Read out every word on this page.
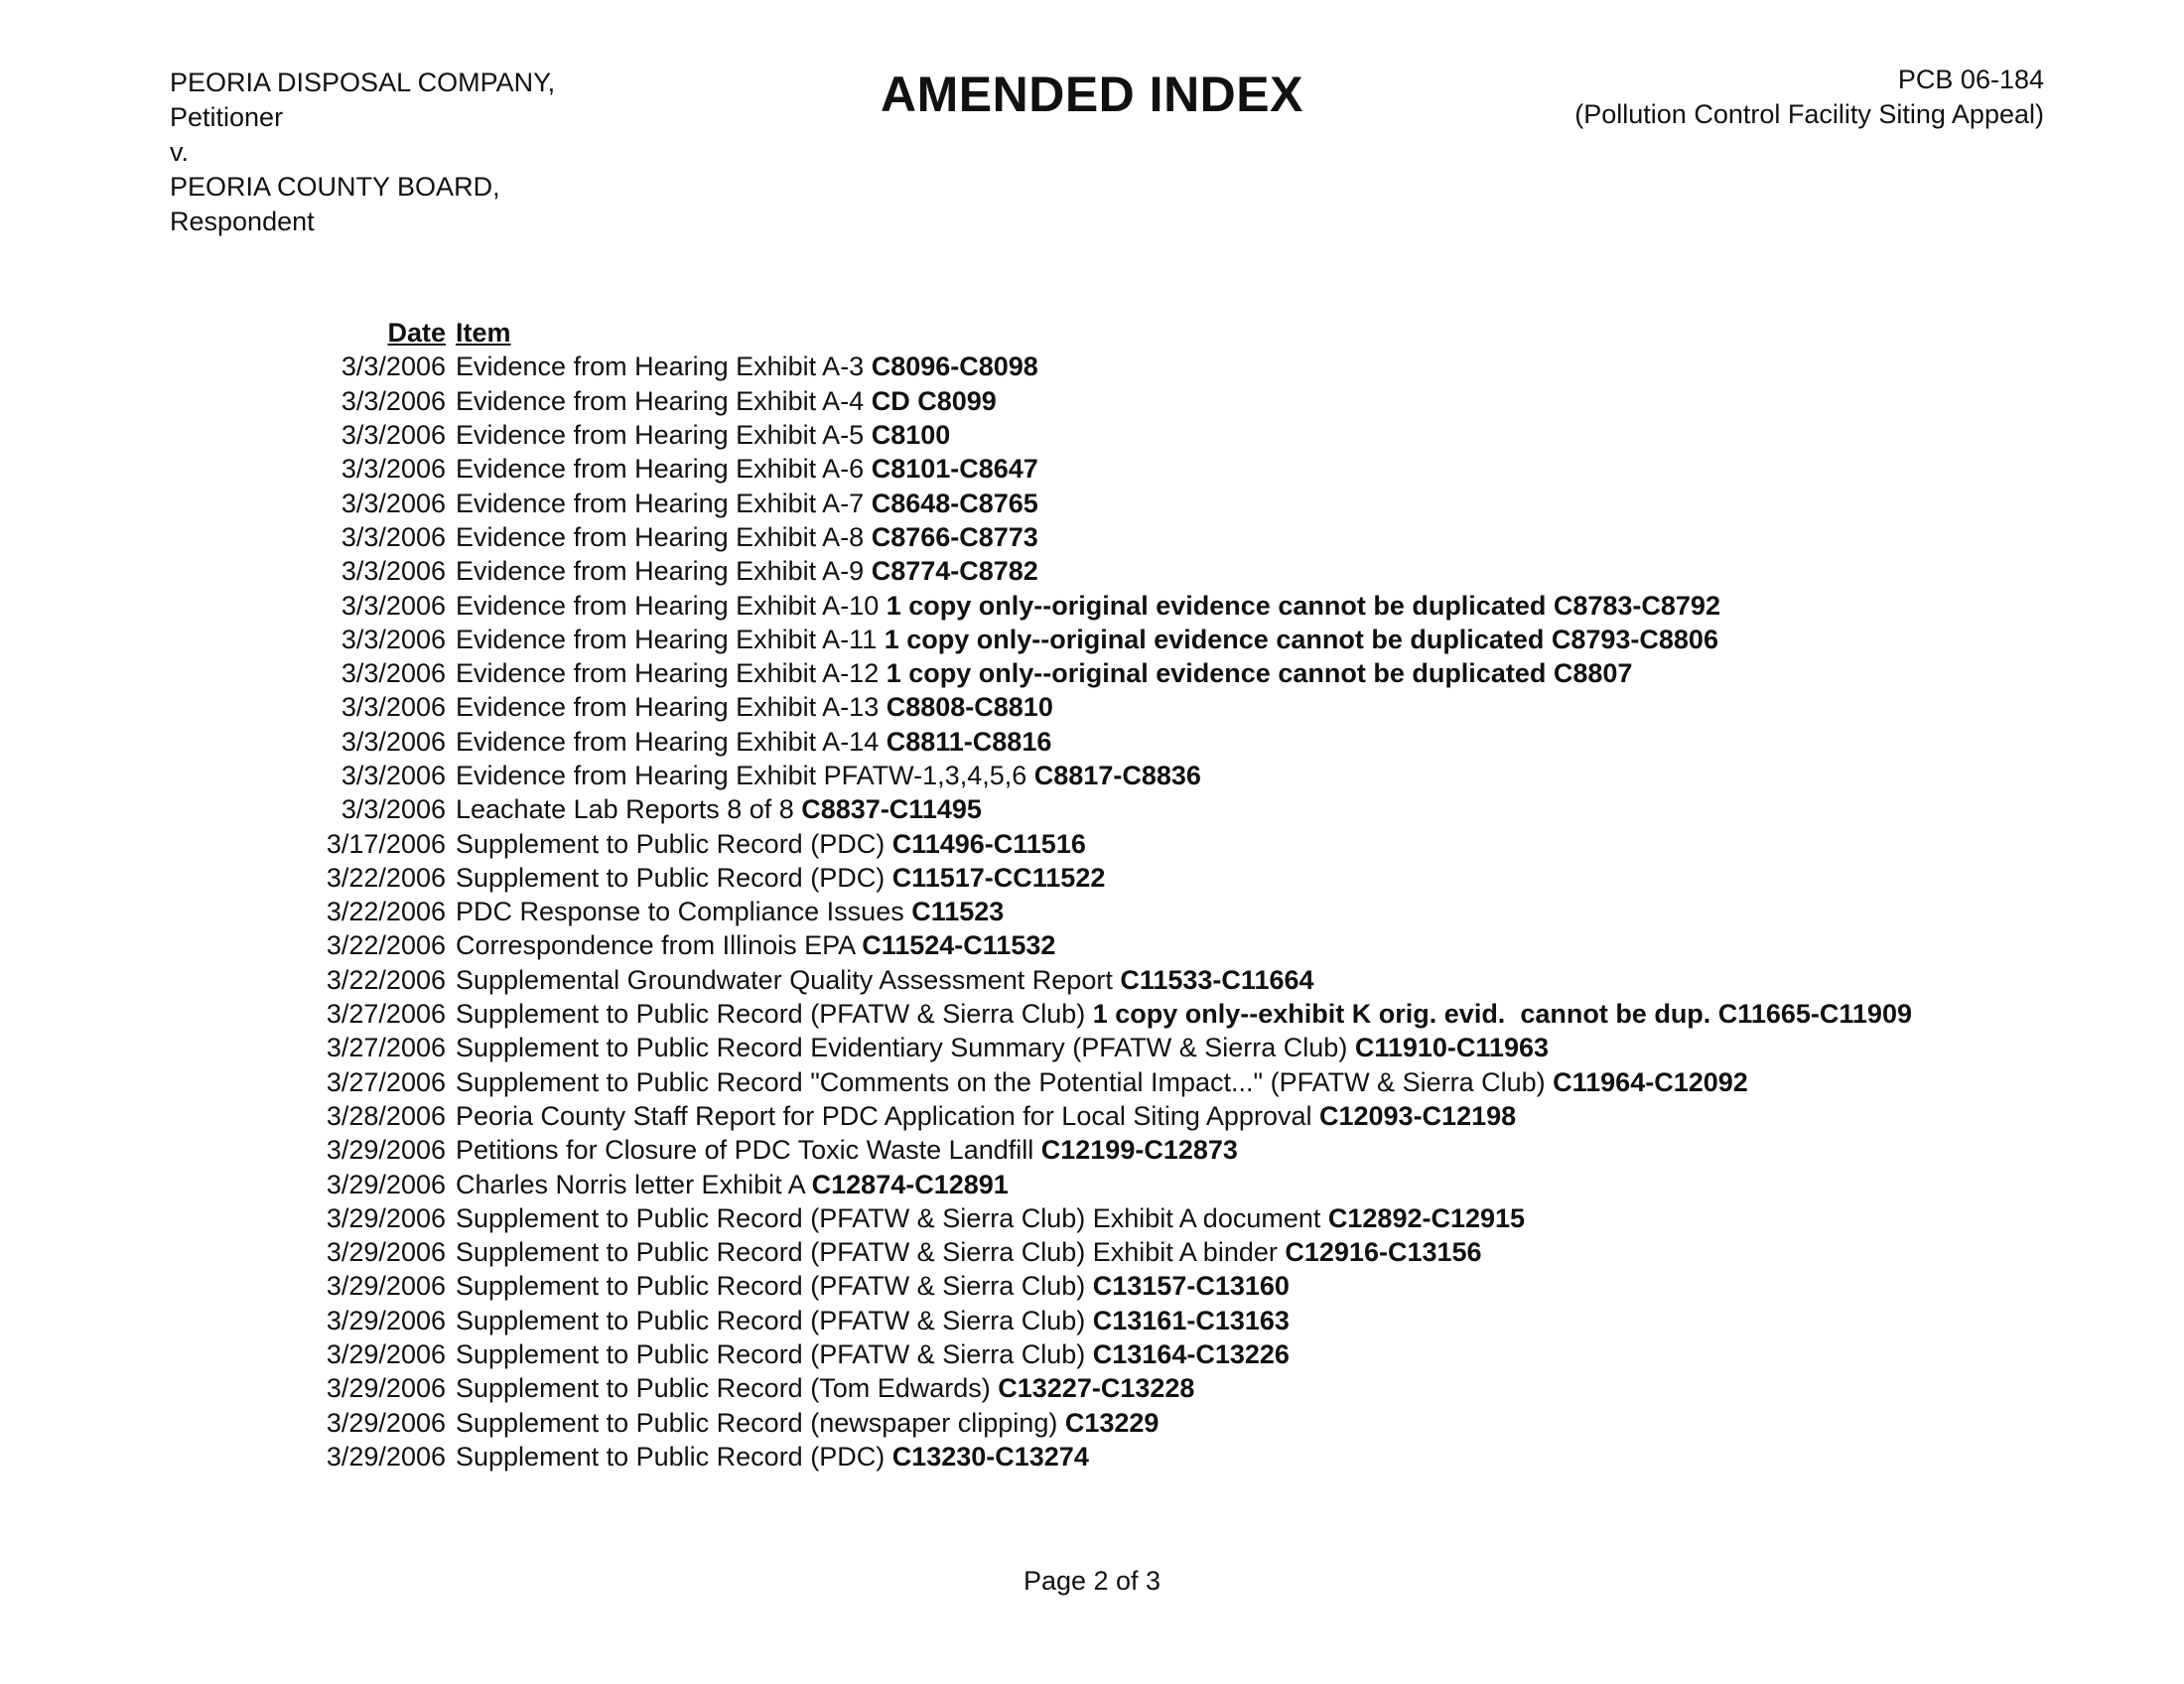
PEORIA DISPOSAL COMPANY,
Petitioner
v.
PEORIA COUNTY BOARD,
Respondent
AMENDED INDEX	PCB 06-184
(Pollution Control Facility Siting Appeal)
Date	Item
3/3/2006	Evidence from Hearing Exhibit A-3 C8096-C8098
3/3/2006	Evidence from Hearing Exhibit A-4 CD C8099
3/3/2006	Evidence from Hearing Exhibit A-5 C8100
3/3/2006	Evidence from Hearing Exhibit A-6 C8101-C8647
3/3/2006	Evidence from Hearing Exhibit A-7 C8648-C8765
3/3/2006	Evidence from Hearing Exhibit A-8 C8766-C8773
3/3/2006	Evidence from Hearing Exhibit A-9 C8774-C8782
3/3/2006	Evidence from Hearing Exhibit A-10 1 copy only--original evidence cannot be duplicated C8783-C8792
3/3/2006	Evidence from Hearing Exhibit A-11 1 copy only--original evidence cannot be duplicated C8793-C8806
3/3/2006	Evidence from Hearing Exhibit A-12 1 copy only--original evidence cannot be duplicated C8807
3/3/2006	Evidence from Hearing Exhibit A-13 C8808-C8810
3/3/2006	Evidence from Hearing Exhibit A-14 C8811-C8816
3/3/2006	Evidence from Hearing Exhibit PFATW-1,3,4,5,6 C8817-C8836
3/3/2006	Leachate Lab Reports 8 of 8 C8837-C11495
3/17/2006	Supplement to Public Record (PDC) C11496-C11516
3/22/2006	Supplement to Public Record (PDC) C11517-CC11522
3/22/2006	PDC Response to Compliance Issues C11523
3/22/2006	Correspondence from Illinois EPA C11524-C11532
3/22/2006	Supplemental Groundwater Quality Assessment Report C11533-C11664
3/27/2006	Supplement to Public Record (PFATW & Sierra Club) 1 copy only--exhibit K orig. evid.  cannot be dup. C11665-C11909
3/27/2006	Supplement to Public Record Evidentiary Summary (PFATW & Sierra Club) C11910-C11963
3/27/2006	Supplement to Public Record "Comments on the Potential Impact..." (PFATW & Sierra Club) C11964-C12092
3/28/2006	Peoria County Staff Report for PDC Application for Local Siting Approval C12093-C12198
3/29/2006	Petitions for Closure of PDC Toxic Waste Landfill C12199-C12873
3/29/2006	Charles Norris letter Exhibit A C12874-C12891
3/29/2006	Supplement to Public Record (PFATW & Sierra Club) Exhibit A document C12892-C12915
3/29/2006	Supplement to Public Record (PFATW & Sierra Club) Exhibit A binder C12916-C13156
3/29/2006	Supplement to Public Record (PFATW & Sierra Club) C13157-C13160
3/29/2006	Supplement to Public Record (PFATW & Sierra Club) C13161-C13163
3/29/2006	Supplement to Public Record (PFATW & Sierra Club) C13164-C13226
3/29/2006	Supplement to Public Record (Tom Edwards) C13227-C13228
3/29/2006	Supplement to Public Record (newspaper clipping) C13229
3/29/2006	Supplement to Public Record (PDC) C13230-C13274
Page 2 of 3
